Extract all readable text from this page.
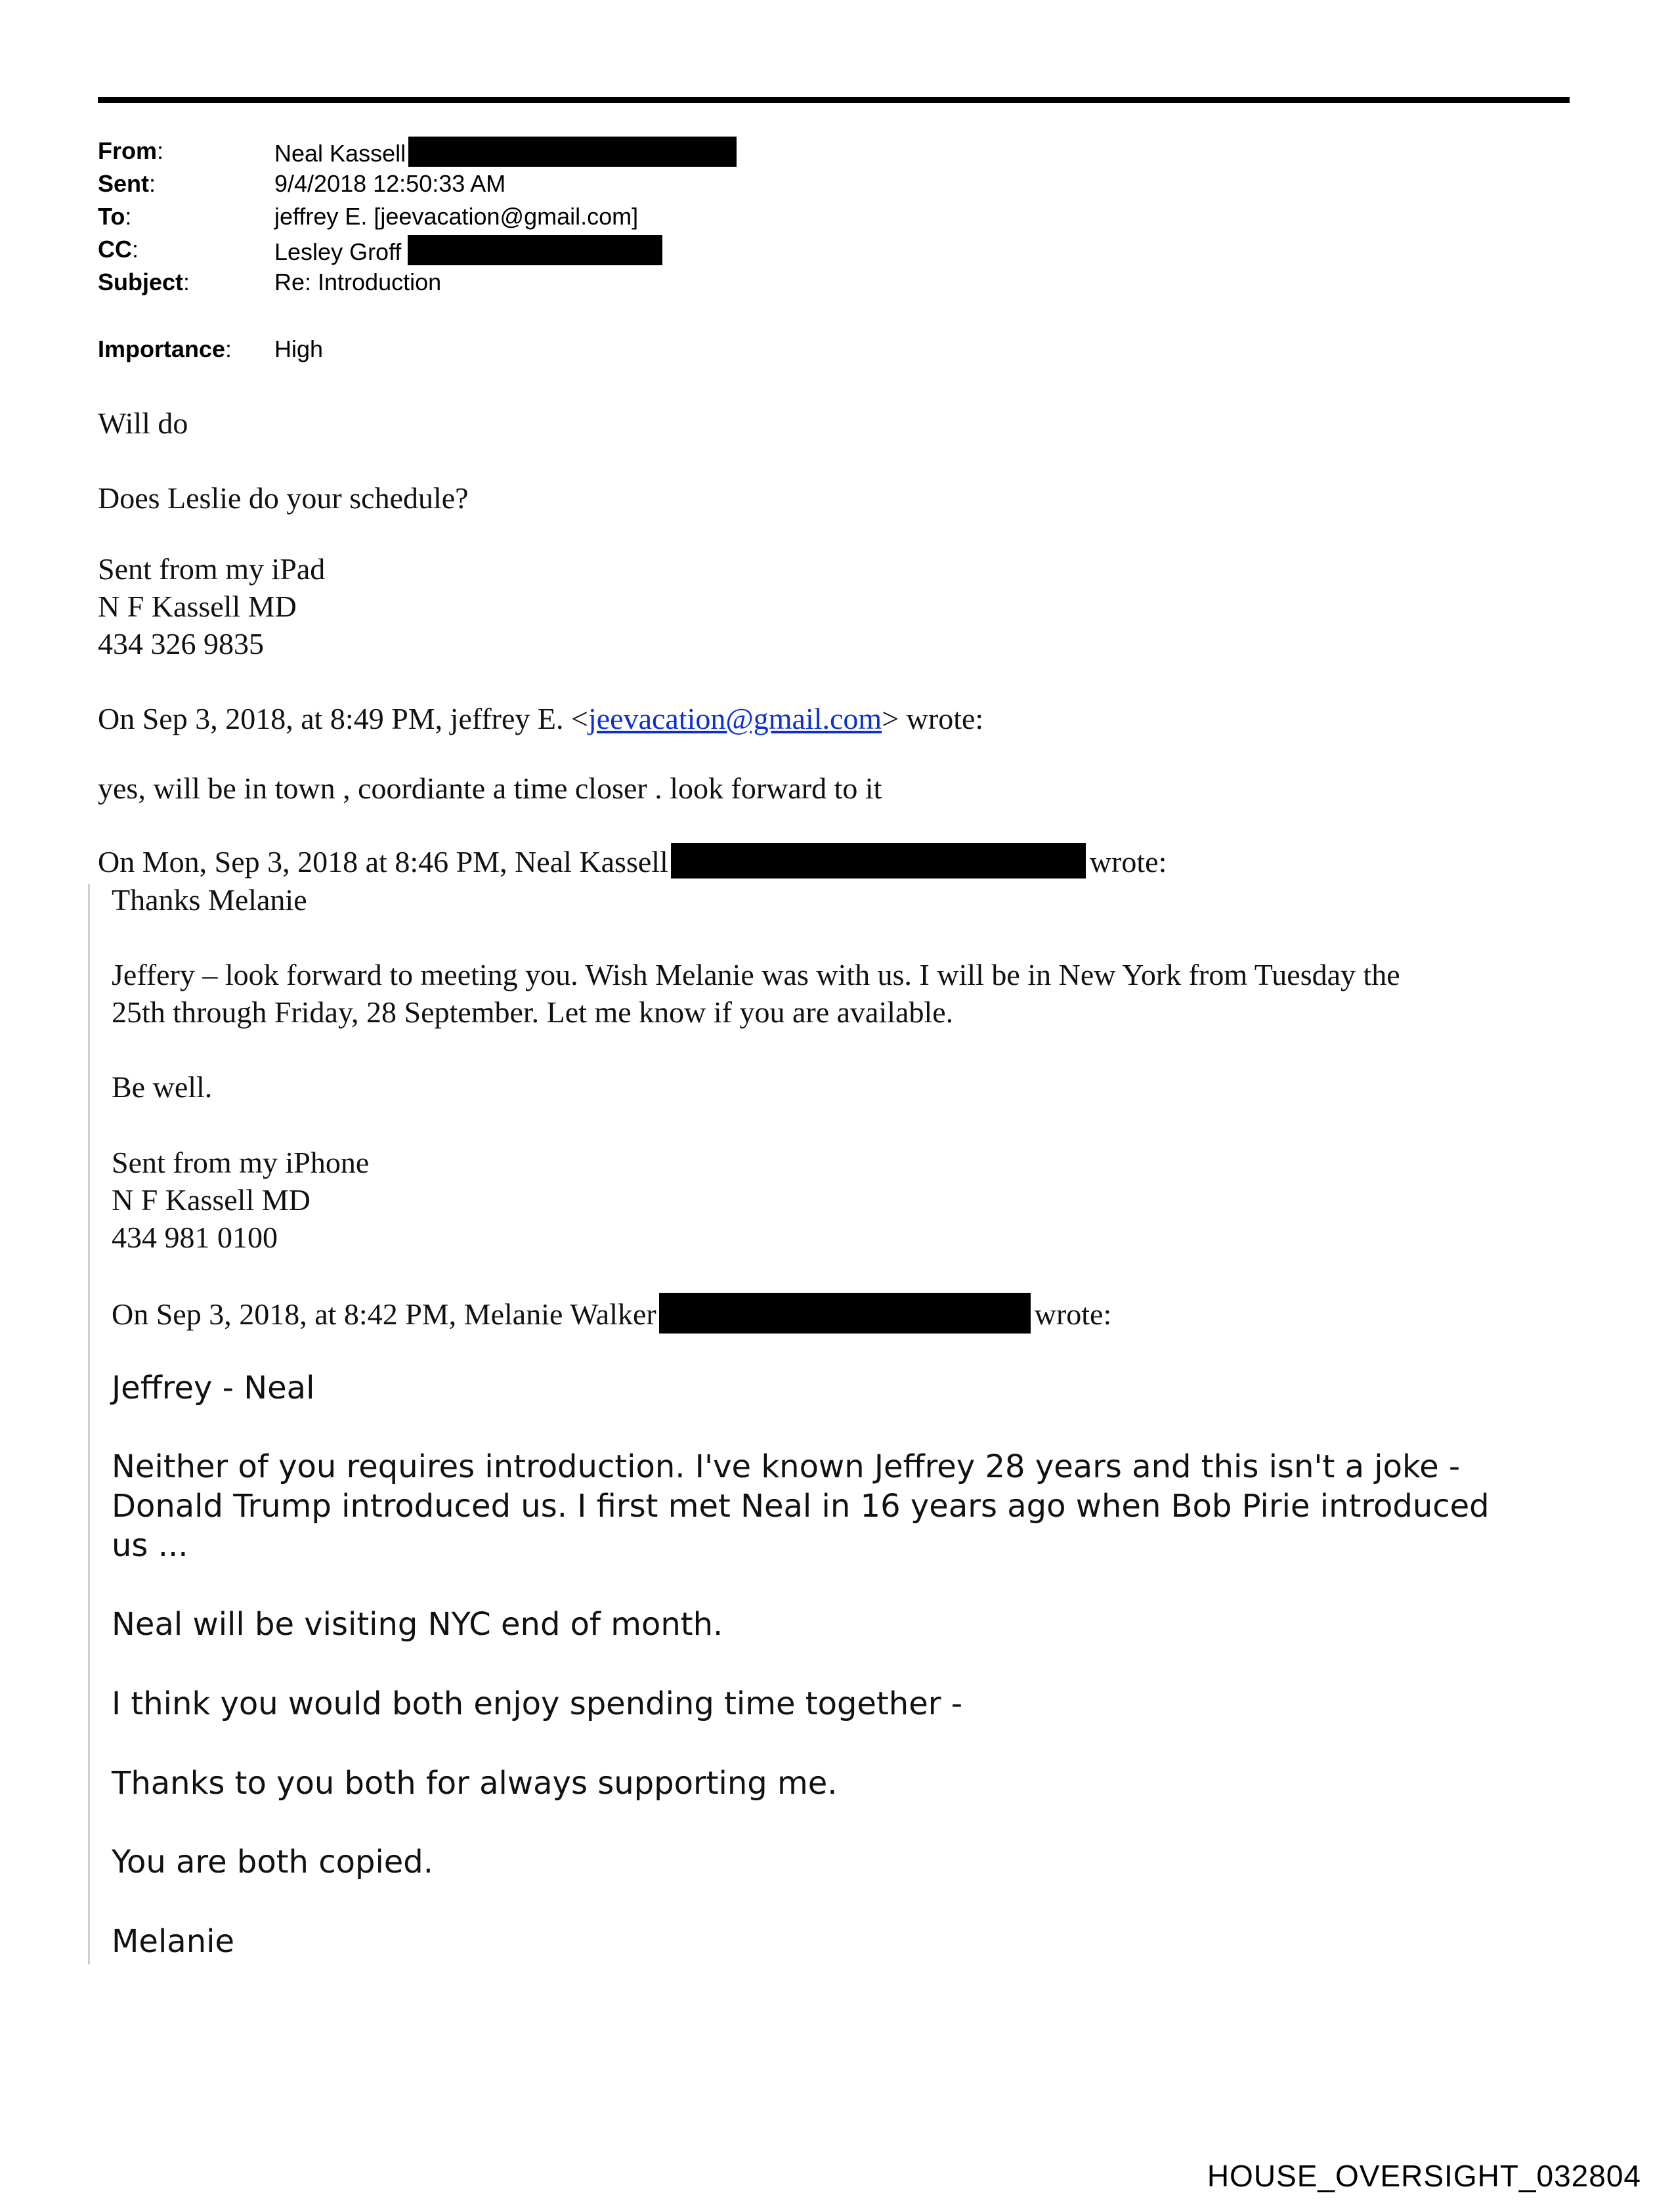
From:	Neal Kassell
Sent:	9/4/2018 12:50:33 AM
To:	jeffrey E. [jeevacation@gmail.com]
CC:	Lesley Groff
Subject:	Re: Introduction
Importance: High
Will do
Does Leslie do your schedule?
Sent from my iPad
N F Kassell MD
434 326 9835
On Sep 3, 2018, at 8:49 PM, jeffrey E. <jeevacation@gmail.com> wrote:
yes, will be in town , coordiante a time closer . look forward to it
On Mon, Sep 3, 2018 at 8:46 PM, Neal Kassell	wrote:
Thanks Melanie
Jeffery – look forward to meeting you. Wish Melanie was with us. I will be in New York from Tuesday the
25th through Friday, 28 September. Let me know if you are available.
Be well.
Sent from my iPhone
N F Kassell MD
434 981 0100
On Sep 3, 2018, at 8:42 PM, Melanie Walker	wrote:
Jeffrey - Neal
Neither of you requires introduction. I've known Jeffrey 28 years and this isn't a joke -
Donald Trump introduced us. I first met Neal in 16 years ago when Bob Pirie introduced
us ...
Neal will be visiting NYC end of month.
I think you would both enjoy spending time together -
Thanks to you both for always supporting me.
You are both copied.
Melanie
HOUSE_OVERSIGHT_032804
